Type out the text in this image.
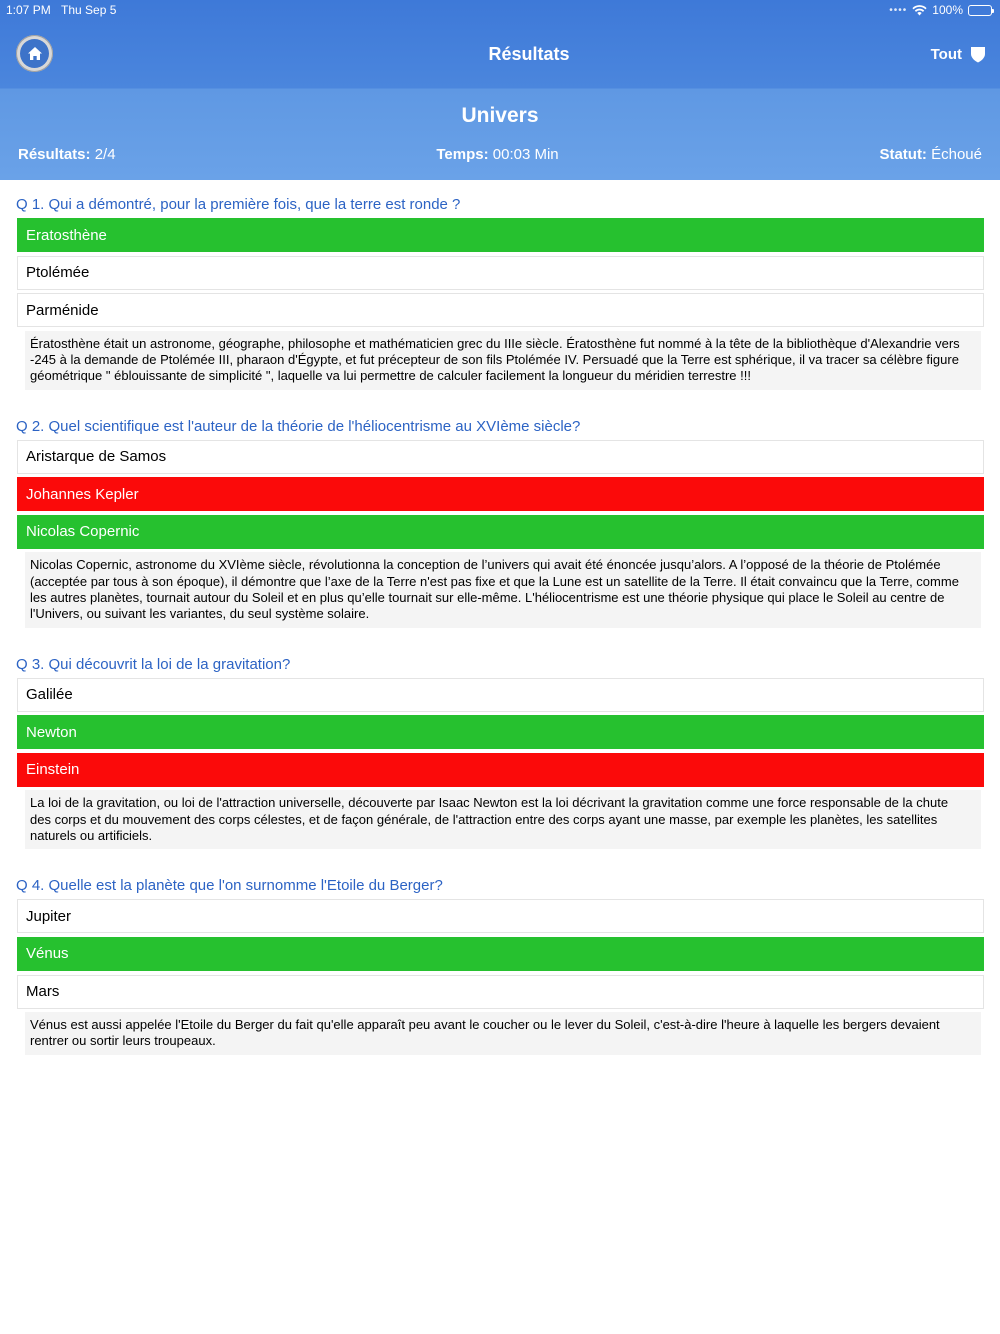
1:07 PM Thu Sep 5	•••• 100%
Résultats	Tout
Univers
Résultats: 2/4	Temps: 00:03 Min	Statut: Échoué
Q 1. Qui a démontré, pour la première fois, que la terre est ronde ?
Eratosthène
Ptolémée
Parménide
Ératosthène était un astronome, géographe, philosophe et mathématicien grec du IIIe siècle. Ératosthène fut nommé à la tête de la bibliothèque d'Alexandrie vers -245 à la demande de Ptolémée III, pharaon d'Égypte, et fut précepteur de son fils Ptolémée IV. Persuadé que la Terre est sphérique, il va tracer sa célèbre figure géométrique " éblouissante de simplicité ", laquelle va lui permettre de calculer facilement la longueur du méridien terrestre !!!
Q 2. Quel scientifique est l'auteur de la théorie de l'héliocentrisme au XVIème siècle?
Aristarque de Samos
Johannes Kepler
Nicolas Copernic
Nicolas Copernic, astronome du XVIème siècle, révolutionna la conception de l’univers qui avait été énoncée jusqu’alors. A l’opposé de la théorie de Ptolémée (acceptée par tous à son époque), il démontre que l’axe de la Terre n'est pas fixe et que la Lune est un satellite de la Terre. Il était convaincu que la Terre, comme les autres planètes, tournait autour du Soleil et en plus qu’elle tournait sur elle-même. L'héliocentrisme est une théorie physique qui place le Soleil au centre de l'Univers, ou suivant les variantes, du seul système solaire.
Q 3. Qui découvrit la loi de la gravitation?
Galilée
Newton
Einstein
La loi de la gravitation, ou loi de l'attraction universelle, découverte par Isaac Newton est la loi décrivant la gravitation comme une force responsable de la chute des corps et du mouvement des corps célestes, et de façon générale, de l'attraction entre des corps ayant une masse, par exemple les planètes, les satellites naturels ou artificiels.
Q 4. Quelle est la planète que l'on surnomme l'Etoile du Berger?
Jupiter
Vénus
Mars
Vénus est aussi appelée l'Etoile du Berger du fait qu'elle apparaît peu avant le coucher ou le lever du Soleil, c'est-à-dire l'heure à laquelle les bergers devaient rentrer ou sortir leurs troupeaux.
